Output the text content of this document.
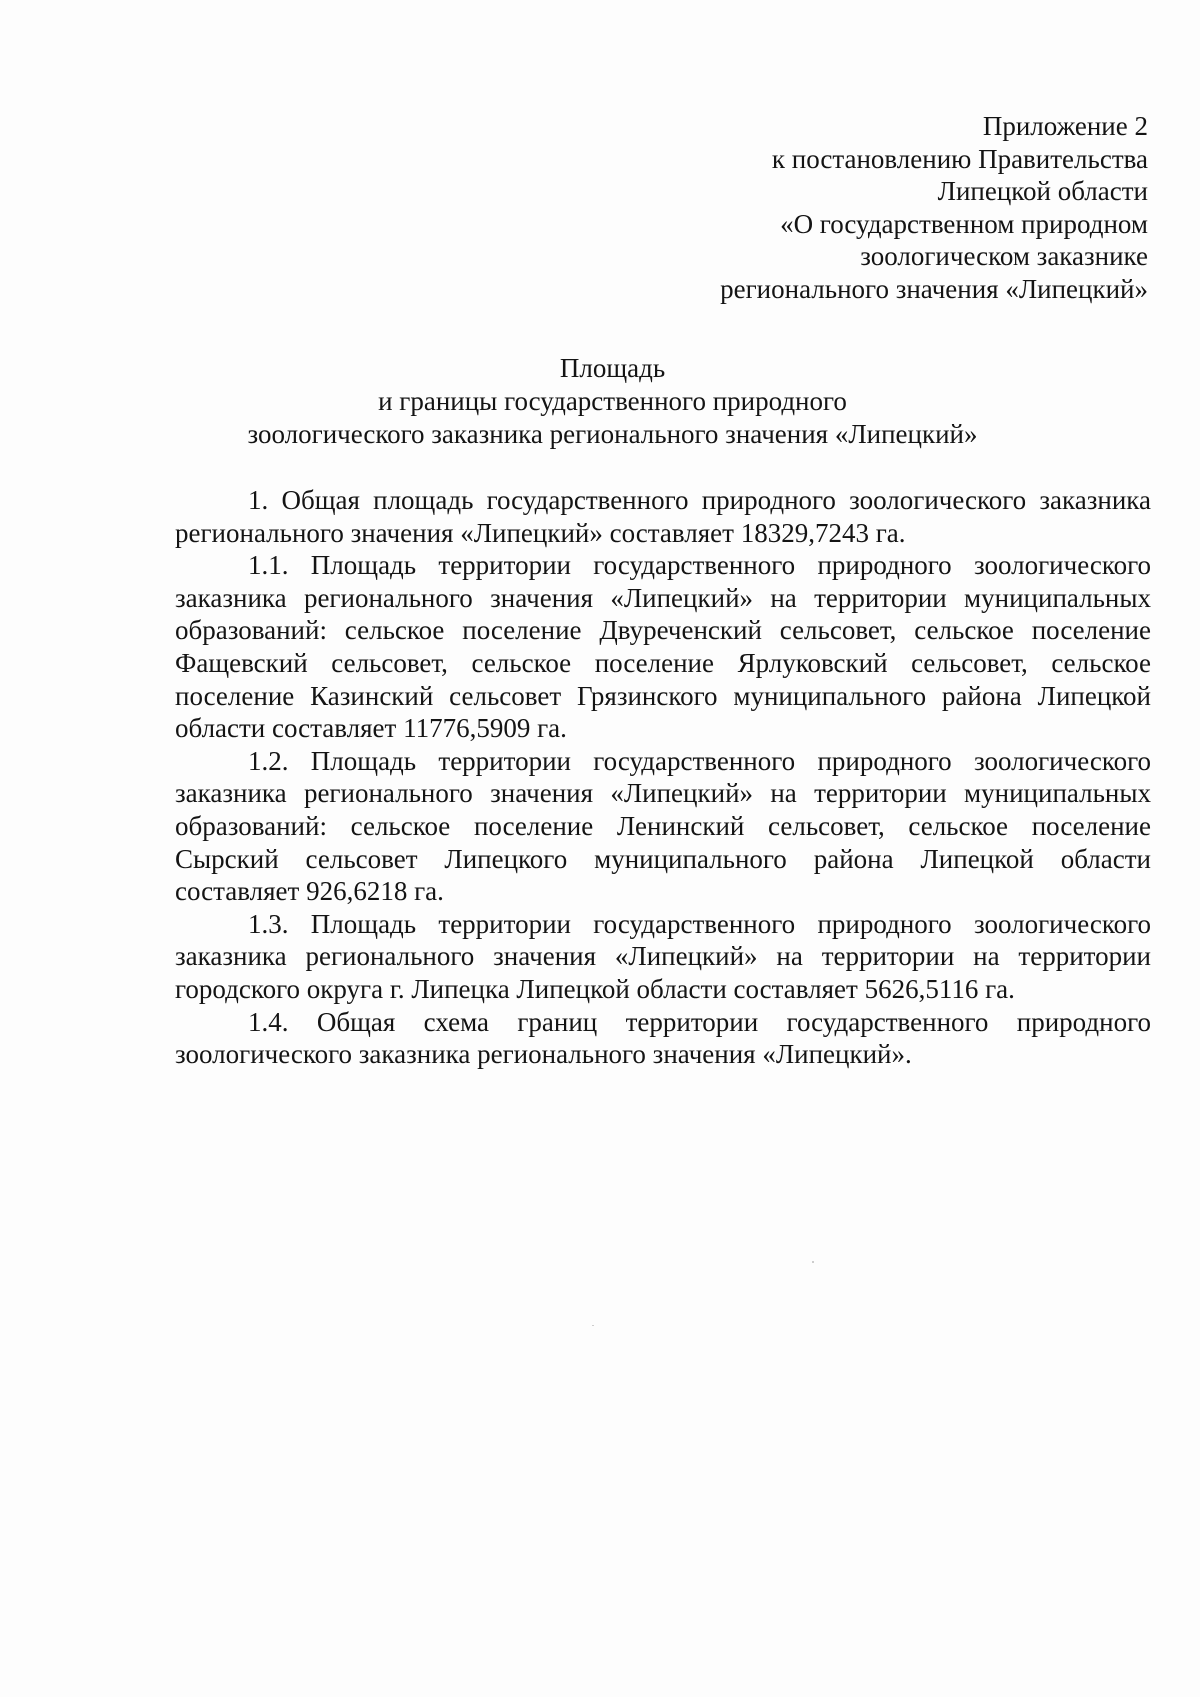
Приложение 2
к постановлению Правительства
Липецкой области
«О государственном природном
зоологическом заказнике
регионального значения «Липецкий»
Площадь
и границы государственного природного
зоологического заказника регионального значения «Липецкий»

1. Общая площадь государственного природного зоологического заказника регионального значения «Липецкий» составляет 18329,7243 га.

1.1. Площадь территории государственного природного зоологического заказника регионального значения «Липецкий» на территории муниципальных образований: сельское поселение Двуреченский сельсовет, сельское поселение Фащевский сельсовет, сельское поселение Ярлуковский сельсовет, сельское поселение Казинский сельсовет Грязинского муниципального района Липецкой области составляет 11776,5909 га.

1.2. Площадь территории государственного природного зоологического заказника регионального значения «Липецкий» на территории муниципальных образований: сельское поселение Ленинский сельсовет, сельское поселение Сырский сельсовет Липецкого муниципального района Липецкой области составляет 926,6218 га.

1.3. Площадь территории государственного природного зоологического заказника регионального значения «Липецкий» на территории на территории городского округа г. Липецка Липецкой области составляет 5626,5116 га.

1.4. Общая схема границ территории государственного природного зоологического заказника регионального значения «Липецкий».
